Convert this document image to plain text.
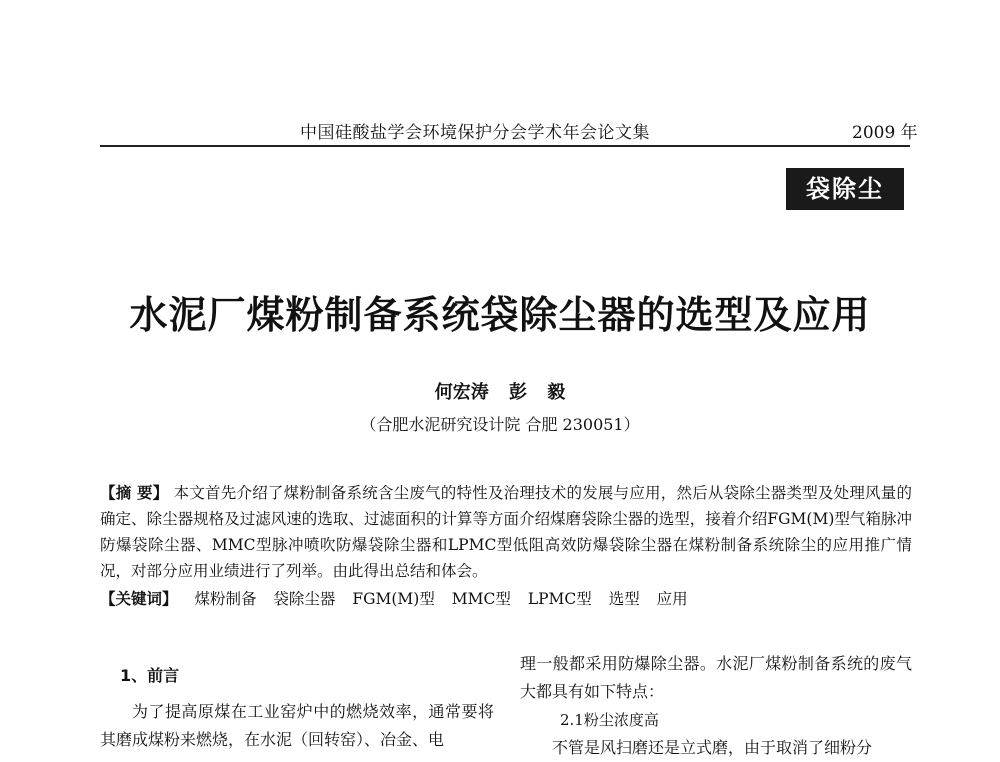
中国硅酸盐学会环境保护分会学术年会论文集	2009 年
袋除尘
水泥厂煤粉制备系统袋除尘器的选型及应用
何宏涛 彭 毅
（合肥水泥研究设计院 合肥 230051）

【摘 要】 本文首先介绍了煤粉制备系统含尘废气的特性及治理技术的发展与应用，然后从袋除尘器类型及处理风量的确定、除尘器规格及过滤风速的选取、过滤面积的计算等方面介绍煤磨袋除尘器的选型，接着介绍FGM(M)型气箱脉冲防爆袋除尘器、MMC型脉冲喷吹防爆袋除尘器和LPMC型低阻高效防爆袋除尘器在煤粉制备系统除尘的应用推广情况，对部分应用业绩进行了列举。由此得出总结和体会。

【关键词】 煤粉制备 袋除尘器 FGM(M)型 MMC型 LPMC型 选型 应用

1、前言

为了提高原煤在工业窑炉中的燃烧效率，通常要将其磨成煤粉来燃烧，在水泥（回转窑）、冶金、电

理一般都采用防爆除尘器。水泥厂煤粉制备系统的废气大都具有如下特点：

2.1粉尘浓度高

不管是风扫磨还是立式磨，由于取消了细粉分
